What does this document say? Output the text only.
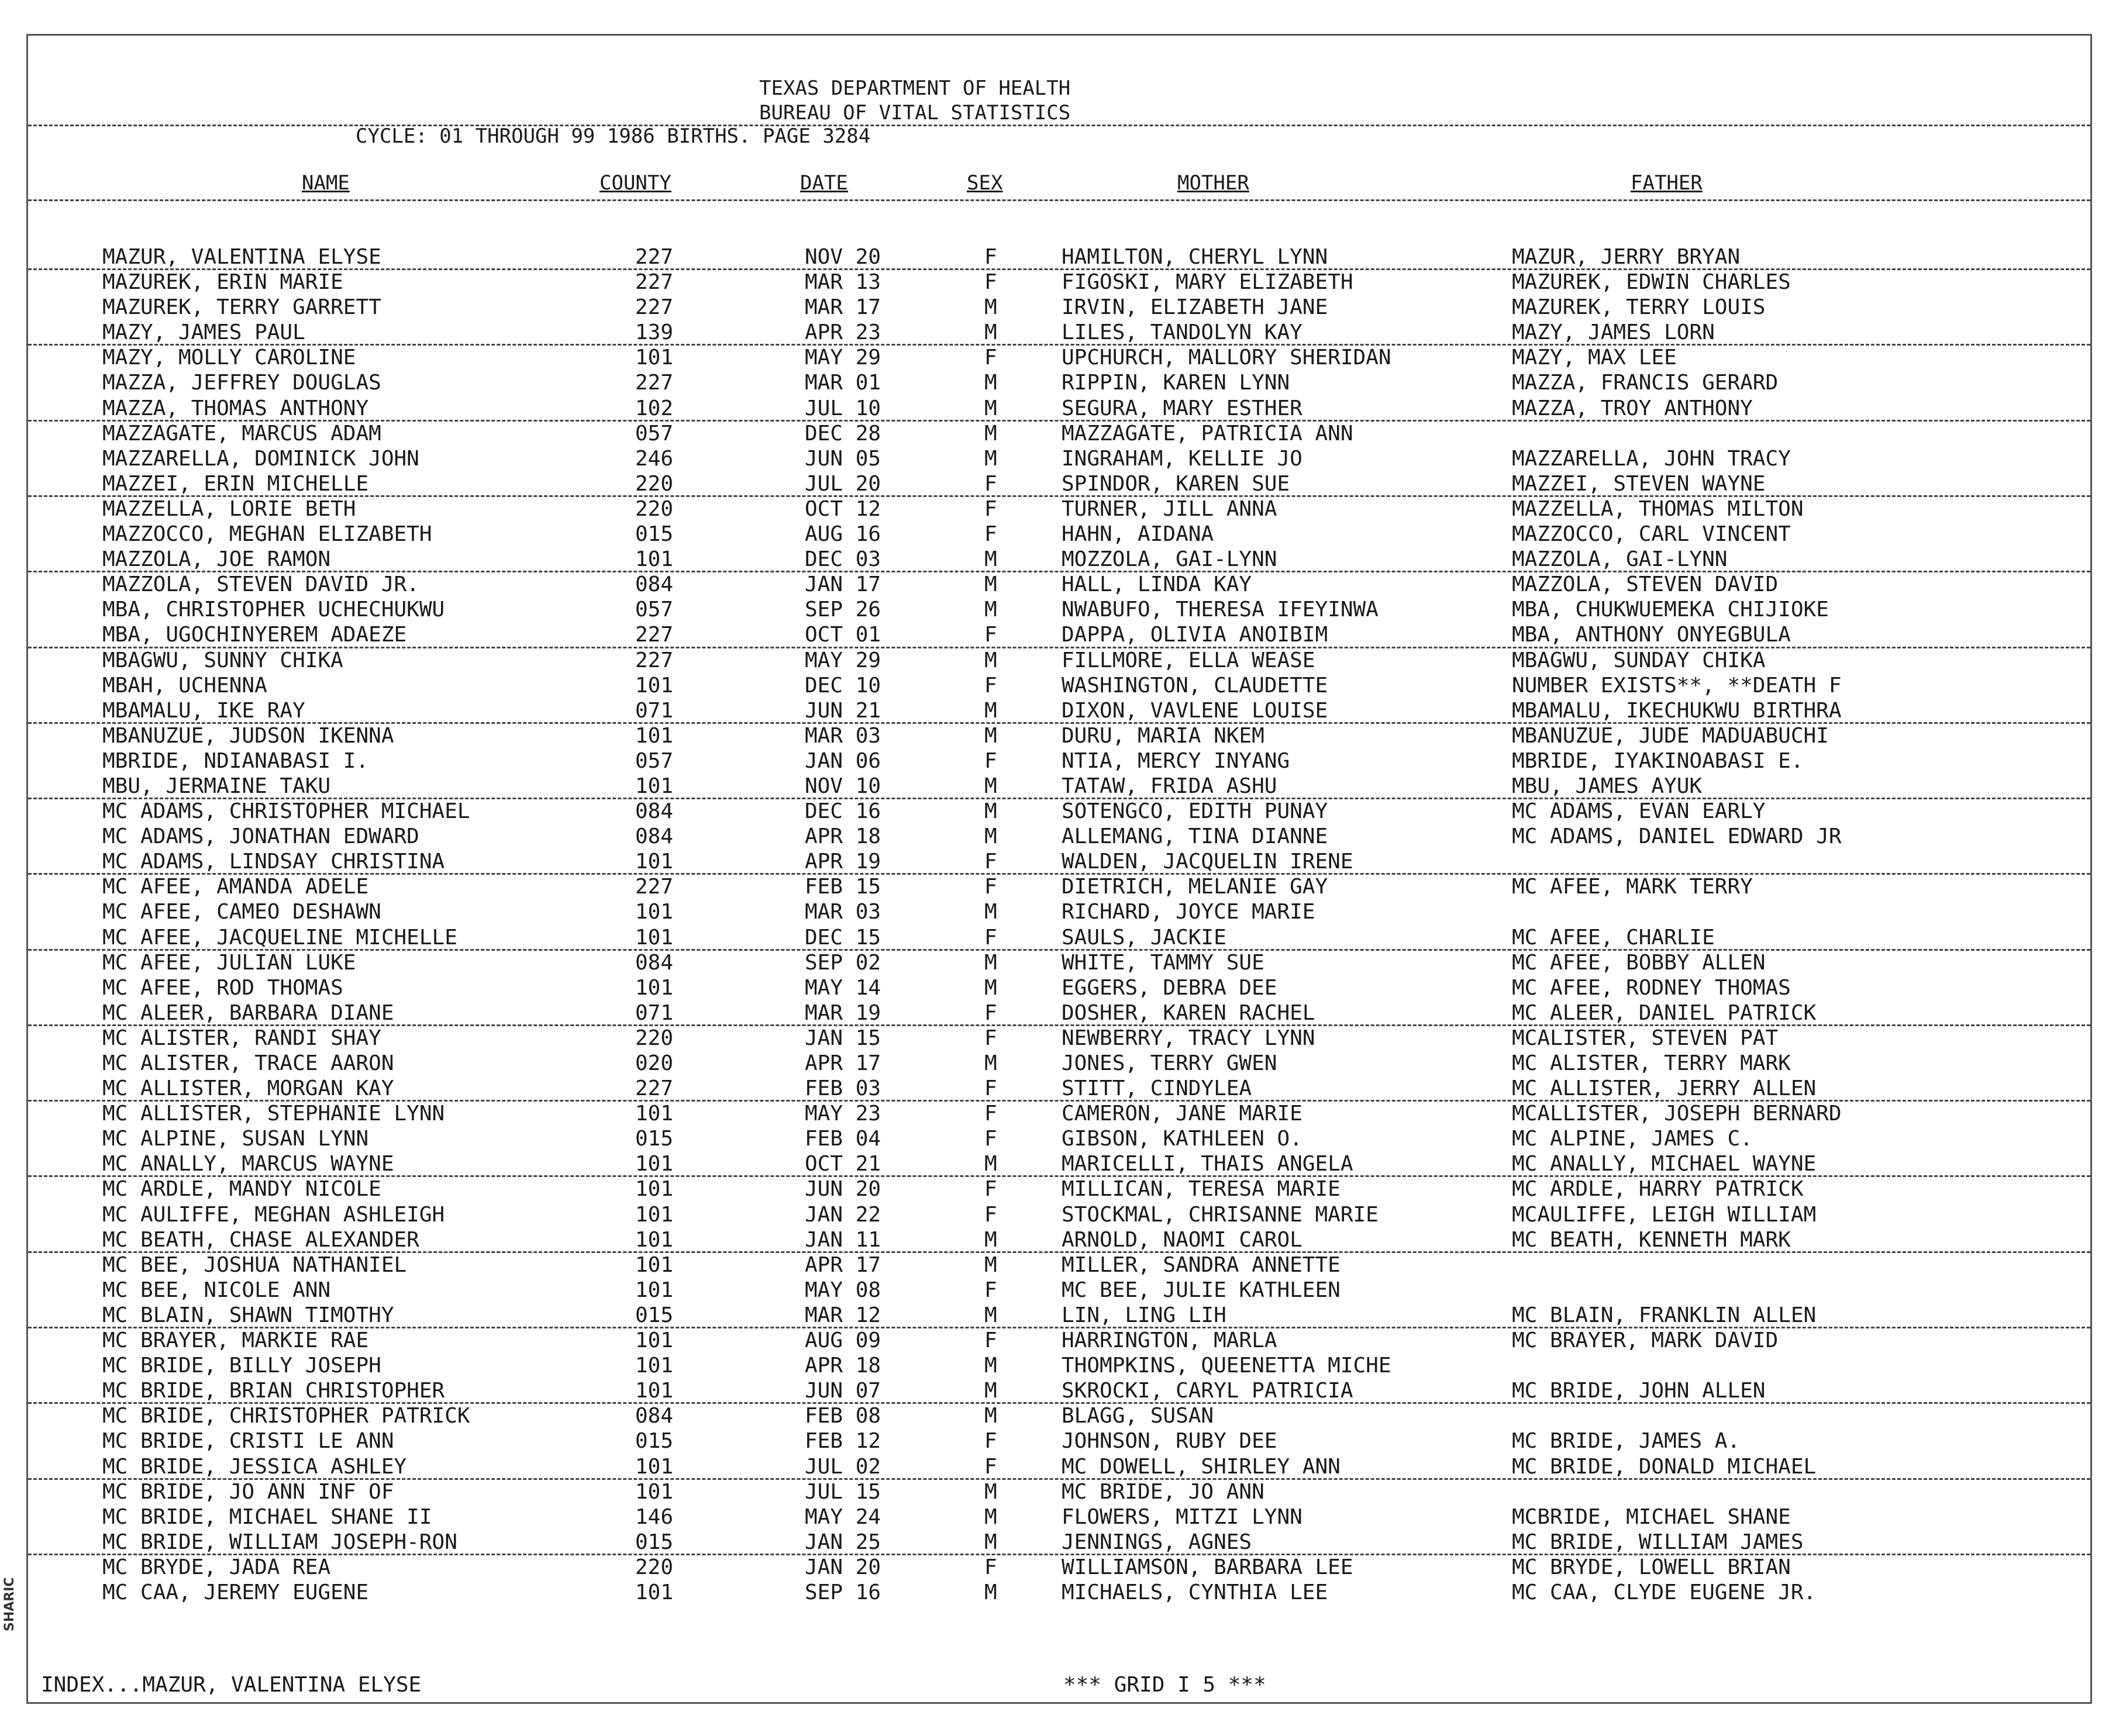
SHARIC
TEXAS DEPARTMENT OF HEALTH
BUREAU OF VITAL STATISTICS
CYCLE: 01 THROUGH 99 1986 BIRTHS. PAGE 3284
NAME	COUNTY	DATE	SEX	MOTHER	FATHER
MAZUR, VALENTINA ELYSE	227	NOV 20	F	HAMILTON, CHERYL LYNN	MAZUR, JERRY BRYAN
MAZUREK, ERIN MARIE	227	MAR 13	F	FIGOSKI, MARY ELIZABETH	MAZUREK, EDWIN CHARLES
MAZUREK, TERRY GARRETT	227	MAR 17	M	IRVIN, ELIZABETH JANE	MAZUREK, TERRY LOUIS
MAZY, JAMES PAUL	139	APR 23	M	LILES, TANDOLYN KAY	MAZY, JAMES LORN
MAZY, MOLLY CAROLINE	101	MAY 29	F	UPCHURCH, MALLORY SHERIDAN	MAZY, MAX LEE
MAZZA, JEFFREY DOUGLAS	227	MAR 01	M	RIPPIN, KAREN LYNN	MAZZA, FRANCIS GERARD
MAZZA, THOMAS ANTHONY	102	JUL 10	M	SEGURA, MARY ESTHER	MAZZA, TROY ANTHONY
MAZZAGATE, MARCUS ADAM	057	DEC 28	M	MAZZAGATE, PATRICIA ANN
MAZZARELLA, DOMINICK JOHN	246	JUN 05	M	INGRAHAM, KELLIE JO	MAZZARELLA, JOHN TRACY
MAZZEI, ERIN MICHELLE	220	JUL 20	F	SPINDOR, KAREN SUE	MAZZEI, STEVEN WAYNE
MAZZELLA, LORIE BETH	220	OCT 12	F	TURNER, JILL ANNA	MAZZELLA, THOMAS MILTON
MAZZOCCO, MEGHAN ELIZABETH	015	AUG 16	F	HAHN, AIDANA	MAZZOCCO, CARL VINCENT
MAZZOLA, JOE RAMON	101	DEC 03	M	MOZZOLA, GAI-LYNN	MAZZOLA, GAI-LYNN
MAZZOLA, STEVEN DAVID JR.	084	JAN 17	M	HALL, LINDA KAY	MAZZOLA, STEVEN DAVID
MBA, CHRISTOPHER UCHECHUKWU	057	SEP 26	M	NWABUFO, THERESA IFEYINWA	MBA, CHUKWUEMEKA CHIJIOKE
MBA, UGOCHINYEREM ADAEZE	227	OCT 01	F	DAPPA, OLIVIA ANOIBIM	MBA, ANTHONY ONYEGBULA
MBAGWU, SUNNY CHIKA	227	MAY 29	M	FILLMORE, ELLA WEASE	MBAGWU, SUNDAY CHIKA
MBAH, UCHENNA	101	DEC 10	F	WASHINGTON, CLAUDETTE	NUMBER EXISTS**, **DEATH F
MBAMALU, IKE RAY	071	JUN 21	M	DIXON, VAVLENE LOUISE	MBAMALU, IKECHUKWU BIRTHRA
MBANUZUE, JUDSON IKENNA	101	MAR 03	M	DURU, MARIA NKEM	MBANUZUE, JUDE MADUABUCHI
MBRIDE, NDIANABASI I.	057	JAN 06	F	NTIA, MERCY INYANG	MBRIDE, IYAKINOABASI E.
MBU, JERMAINE TAKU	101	NOV 10	M	TATAW, FRIDA ASHU	MBU, JAMES AYUK
MC ADAMS, CHRISTOPHER MICHAEL	084	DEC 16	M	SOTENGCO, EDITH PUNAY	MC ADAMS, EVAN EARLY
MC ADAMS, JONATHAN EDWARD	084	APR 18	M	ALLEMANG, TINA DIANNE	MC ADAMS, DANIEL EDWARD JR
MC ADAMS, LINDSAY CHRISTINA	101	APR 19	F	WALDEN, JACQUELIN IRENE
MC AFEE, AMANDA ADELE	227	FEB 15	F	DIETRICH, MELANIE GAY	MC AFEE, MARK TERRY
MC AFEE, CAMEO DESHAWN	101	MAR 03	M	RICHARD, JOYCE MARIE
MC AFEE, JACQUELINE MICHELLE	101	DEC 15	F	SAULS, JACKIE	MC AFEE, CHARLIE
MC AFEE, JULIAN LUKE	084	SEP 02	M	WHITE, TAMMY SUE	MC AFEE, BOBBY ALLEN
MC AFEE, ROD THOMAS	101	MAY 14	M	EGGERS, DEBRA DEE	MC AFEE, RODNEY THOMAS
MC ALEER, BARBARA DIANE	071	MAR 19	F	DOSHER, KAREN RACHEL	MC ALEER, DANIEL PATRICK
MC ALISTER, RANDI SHAY	220	JAN 15	F	NEWBERRY, TRACY LYNN	MCALISTER, STEVEN PAT
MC ALISTER, TRACE AARON	020	APR 17	M	JONES, TERRY GWEN	MC ALISTER, TERRY MARK
MC ALLISTER, MORGAN KAY	227	FEB 03	F	STITT, CINDYLEA	MC ALLISTER, JERRY ALLEN
MC ALLISTER, STEPHANIE LYNN	101	MAY 23	F	CAMERON, JANE MARIE	MCALLISTER, JOSEPH BERNARD
MC ALPINE, SUSAN LYNN	015	FEB 04	F	GIBSON, KATHLEEN O.	MC ALPINE, JAMES C.
MC ANALLY, MARCUS WAYNE	101	OCT 21	M	MARICELLI, THAIS ANGELA	MC ANALLY, MICHAEL WAYNE
MC ARDLE, MANDY NICOLE	101	JUN 20	F	MILLICAN, TERESA MARIE	MC ARDLE, HARRY PATRICK
MC AULIFFE, MEGHAN ASHLEIGH	101	JAN 22	F	STOCKMAL, CHRISANNE MARIE	MCAULIFFE, LEIGH WILLIAM
MC BEATH, CHASE ALEXANDER	101	JAN 11	M	ARNOLD, NAOMI CAROL	MC BEATH, KENNETH MARK
MC BEE, JOSHUA NATHANIEL	101	APR 17	M	MILLER, SANDRA ANNETTE
MC BEE, NICOLE ANN	101	MAY 08	F	MC BEE, JULIE KATHLEEN
MC BLAIN, SHAWN TIMOTHY	015	MAR 12	M	LIN, LING LIH	MC BLAIN, FRANKLIN ALLEN
MC BRAYER, MARKIE RAE	101	AUG 09	F	HARRINGTON, MARLA	MC BRAYER, MARK DAVID
MC BRIDE, BILLY JOSEPH	101	APR 18	M	THOMPKINS, QUEENETTA MICHE
MC BRIDE, BRIAN CHRISTOPHER	101	JUN 07	M	SKROCKI, CARYL PATRICIA	MC BRIDE, JOHN ALLEN
MC BRIDE, CHRISTOPHER PATRICK	084	FEB 08	M	BLAGG, SUSAN
MC BRIDE, CRISTI LE ANN	015	FEB 12	F	JOHNSON, RUBY DEE	MC BRIDE, JAMES A.
MC BRIDE, JESSICA ASHLEY	101	JUL 02	F	MC DOWELL, SHIRLEY ANN	MC BRIDE, DONALD MICHAEL
MC BRIDE, JO ANN INF OF	101	JUL 15	M	MC BRIDE, JO ANN
MC BRIDE, MICHAEL SHANE II	146	MAY 24	M	FLOWERS, MITZI LYNN	MCBRIDE, MICHAEL SHANE
MC BRIDE, WILLIAM JOSEPH-RON	015	JAN 25	M	JENNINGS, AGNES	MC BRIDE, WILLIAM JAMES
MC BRYDE, JADA REA	220	JAN 20	F	WILLIAMSON, BARBARA LEE	MC BRYDE, LOWELL BRIAN
MC CAA, JEREMY EUGENE	101	SEP 16	M	MICHAELS, CYNTHIA LEE	MC CAA, CLYDE EUGENE JR.
INDEX...MAZUR, VALENTINA ELYSE	*** GRID I 5 ***
